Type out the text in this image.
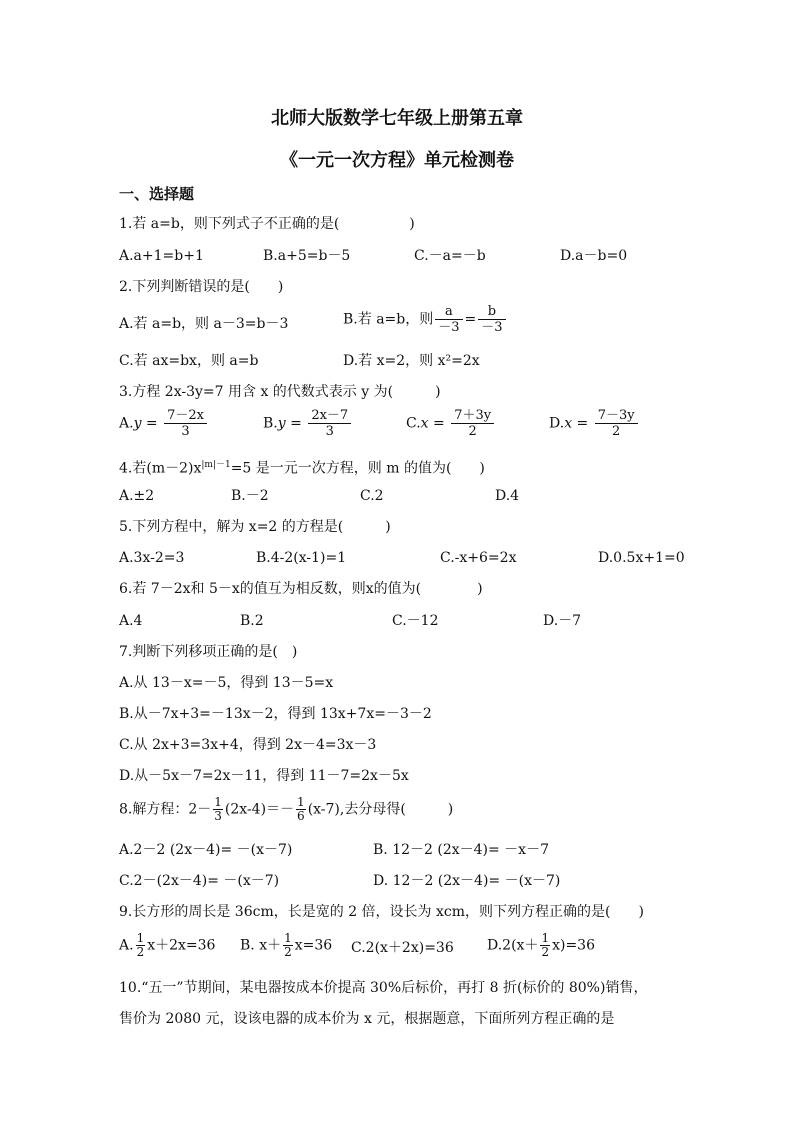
北师大版数学七年级上册第五章
《一元一次方程》单元检测卷
一、选择题
1.若 a=b，则下列式子不正确的是(　　　　　)
A.a+1=b+1	B.a+5=b－5	C.－a=－b	D.a－b=0
2.下列判断错误的是(　　)
A.若 a=b，则 a－3=b－3	B.若 a=b，则 $\frac{a}{-3} = \frac{b}{-3}$
C.若 ax=bx，则 a=b	D.若 x=2，则 x²=2x
3.方程 2x-3y=7 用含 x 的代数式表示 y 为(　　　)
$A.y = \frac{7-2x}{3}$	$B.y = \frac{2x-7}{3}$	$C.x = \frac{7+3y}{2}$	$D.x = \frac{7-3y}{2}$
4.若$(m-2)x^{|m|-1}=5$ 是一元一次方程，则 m 的值为(　　)
A.±2	B.－2	C.2	D.4
5.下列方程中，解为 x=2 的方程是(　　　)
A.3x-2=3	B.4-2(x-1)=1	C.-x+6=2x	D.0.5x+1=0
6.若 7－2x和 5－x的值互为相反数，则x的值为(　　　　)
A.4	B.2	C.－12	D.－7
7.判断下列移项正确的是(　)
A.从 13－x=－5，得到 13－5=x
B.从－7x+3=－13x－2，得到 13x+7x=－3－2
C.从 2x+3=3x+4，得到 2x－4=3x－3
D.从－5x－7=2x－11，得到 11－7=2x－5x
8.解方程：$2- \frac{1}{3} (2x-4)=- \frac{1}{6} (x-7)$,去分母得(　　　)
A.2－2 (2x－4)= －(x－7)	B. 12－2 (2x－4)= －x－7
C.2－(2x－4)= －(x－7)	D. 12－2 (2x－4)= －(x－7)
9.长方形的周长是 36cm，长是宽的 2 倍，设长为 xcm，则下列方程正确的是(　　)
A. $\frac{1}{2} x+2x=36$ B. $x+ \frac{1}{2} x=36$ C.2(x＋2x)=36 $D.2(x+ \frac{1}{2} x)=36$
10.“五一”节期间，某电器按成本价提高 30%后标价，再打 8 折(标价的 80%)销售，
售价为 2080 元，设该电器的成本价为 x 元，根据题意，下面所列方程正确的是
